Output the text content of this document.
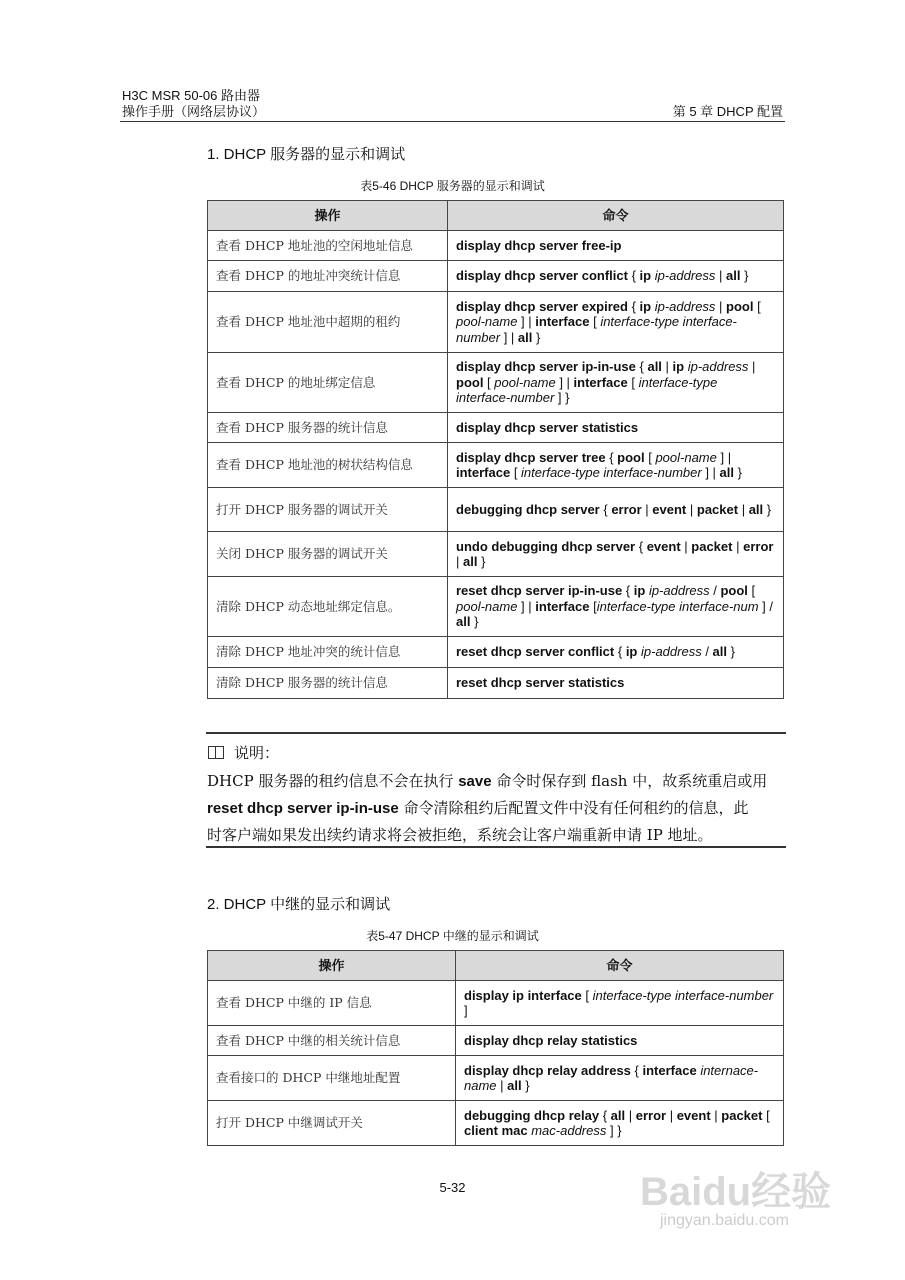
H3C MSR 50-06 路由器
操作手册（网络层协议）	第 5 章 DHCP 配置
1. DHCP 服务器的显示和调试
表5-46 DHCP 服务器的显示和调试
操作	命令
查看 DHCP 地址池的空闲地址信息	display dhcp server free-ip
查看 DHCP 的地址冲突统计信息	display dhcp server conflict { ip ip-address | all }
查看 DHCP 地址池中超期的租约	display dhcp server expired { ip ip-address | pool [ pool-name ] | interface [ interface-type interface-number ] | all }
查看 DHCP 的地址绑定信息	display dhcp server ip-in-use { all | ip ip-address | pool [ pool-name ] | interface [ interface-type interface-number ] }
查看 DHCP 服务器的统计信息	display dhcp server statistics
查看 DHCP 地址池的树状结构信息	display dhcp server tree { pool [ pool-name ] | interface [ interface-type interface-number ] | all }
打开 DHCP 服务器的调试开关	debugging dhcp server { error | event | packet | all }
关闭 DHCP 服务器的调试开关	undo debugging dhcp server { event | packet | error | all }
清除 DHCP 动态地址绑定信息。	reset dhcp server ip-in-use { ip ip-address / pool [ pool-name ] | interface [interface-type interface-num ] / all }
清除 DHCP 地址冲突的统计信息	reset dhcp server conflict { ip ip-address / all }
清除 DHCP 服务器的统计信息	reset dhcp server statistics
说明：
DHCP 服务器的租约信息不会在执行 save 命令时保存到 flash 中，故系统重启或用
reset dhcp server ip-in-use 命令清除租约后配置文件中没有任何租约的信息，此
时客户端如果发出续约请求将会被拒绝，系统会让客户端重新申请 IP 地址。
2. DHCP 中继的显示和调试
表5-47 DHCP 中继的显示和调试
操作	命令
查看 DHCP 中继的 IP 信息	display ip interface [ interface-type interface-number ]
查看 DHCP 中继的相关统计信息	display dhcp relay statistics
查看接口的 DHCP 中继地址配置	display dhcp relay address { interface internace-name | all }
打开 DHCP 中继调试开关	debugging dhcp relay { all | error | event | packet [ client mac mac-address ] }
5-32	Baidu经验
jingyan.baidu.com
